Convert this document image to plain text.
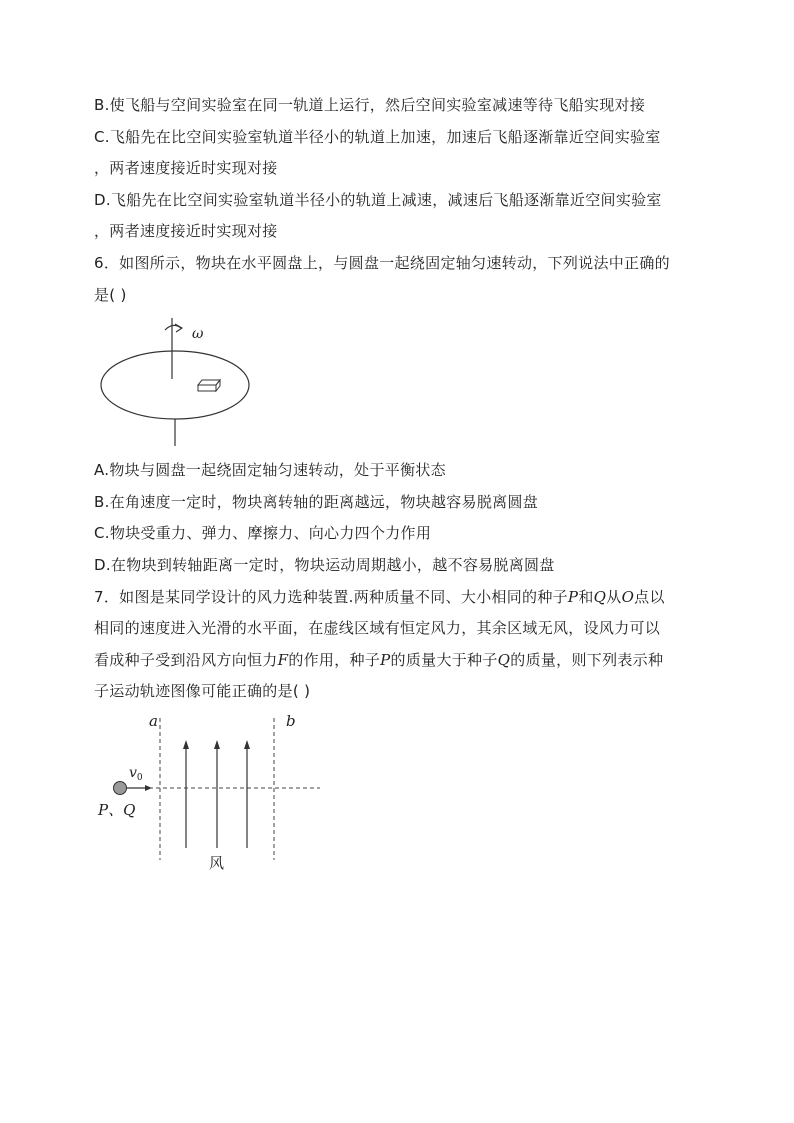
B.使飞船与空间实验室在同一轨道上运行，然后空间实验室减速等待飞船实现对接
C.飞船先在比空间实验室轨道半径小的轨道上加速，加速后飞船逐渐靠近空间实验室
，两者速度接近时实现对接
D.飞船先在比空间实验室轨道半径小的轨道上减速，减速后飞船逐渐靠近空间实验室
，两者速度接近时实现对接
6．如图所示，物块在水平圆盘上，与圆盘一起绕固定轴匀速转动，下列说法中正确的
是( )
ω
A.物块与圆盘一起绕固定轴匀速转动，处于平衡状态
B.在角速度一定时，物块离转轴的距离越远，物块越容易脱离圆盘
C.物块受重力、弹力、摩擦力、向心力四个力作用
D.在物块到转轴距离一定时，物块运动周期越小，越不容易脱离圆盘
7．如图是某同学设计的风力选种装置.两种质量不同、大小相同的种子P和Q从O点以
相同的速度进入光滑的水平面，在虚线区域有恒定风力，其余区域无风，设风力可以
看成种子受到沿风方向恒力F的作用，种子P的质量大于种子Q的质量，则下列表示种
子运动轨迹图像可能正确的是( )
a	b
$v_0$
P、Q
风
